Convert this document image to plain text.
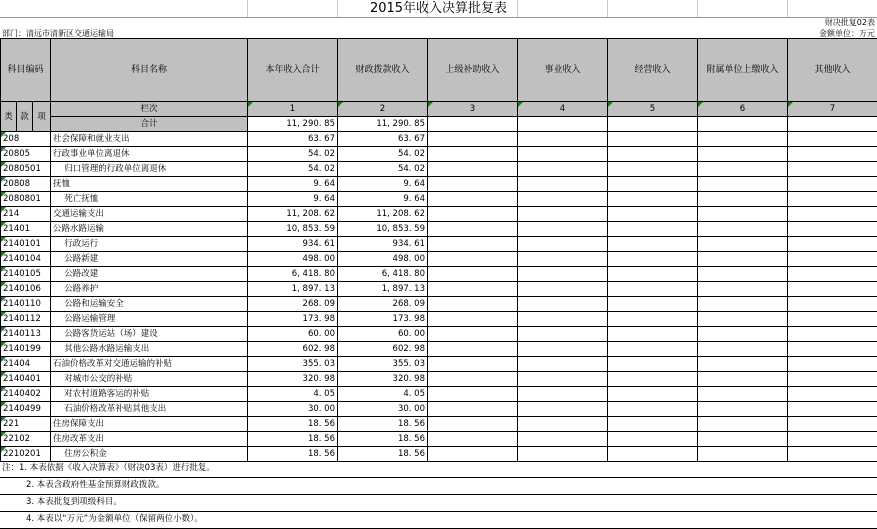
2015年收入决算批复表
财决批复02表
部门：清远市清新区交通运输局	金额单位：万元
科目编码			科目名称	本年收入合计	财政拨款收入	上级补助收入	事业收入	经营收入	附属单位上缴收入	其他收入
类	款	项	栏次	1	2	3	4	5	6	7
			合计	11, 290. 85	11, 290. 85					
208			社会保障和就业支出	63. 67	63. 67					
20805			行政事业单位离退休	54. 02	54. 02					
2080501	　		归口管理的行政单位离退休	54. 02	54. 02					
20808			抚恤	9. 64	9. 64					
2080801	　		死亡抚恤	9. 64	9. 64					
214			交通运输支出	11, 208. 62	11, 208. 62					
21401			公路水路运输	10, 853. 59	10, 853. 59					
2140101	　		行政运行	934. 61	934. 61					
2140104	　		公路新建	498. 00	498. 00					
2140105	　		公路改建	6, 418. 80	6, 418. 80					
2140106	　		公路养护	1, 897. 13	1, 897. 13					
2140110	　		公路和运输安全	268. 09	268. 09					
2140112	　		公路运输管理	173. 98	173. 98					
2140113	　		公路客货运站（场）建设	60. 00	60. 00					
2140199	　		其他公路水路运输支出	602. 98	602. 98					
21404			石油价格改革对交通运输的补贴	355. 03	355. 03					
2140401	　		对城市公交的补贴	320. 98	320. 98					
2140402	　		对农村道路客运的补贴	4. 05	4. 05					
2140499	　		石油价格改革补贴其他支出	30. 00	30. 00					
221			住房保障支出	18. 56	18. 56					
22102			住房改革支出	18. 56	18. 56					
2210201	　		住房公积金	18. 56	18. 56					
注：1. 本表依据《收入决算表》（财决03表）进行批复。
2. 本表含政府性基金预算财政拨款。
3. 本表批复到项级科目。
4. 本表以“万元”为金额单位（保留两位小数）。
